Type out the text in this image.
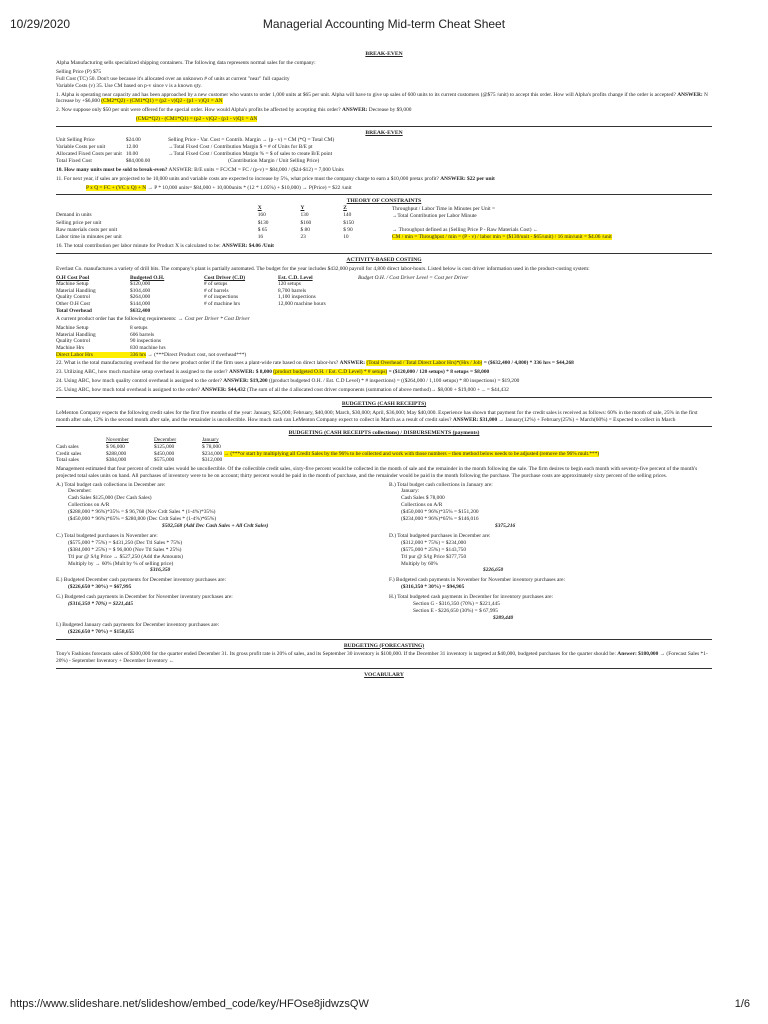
10/29/2020	Managerial Accounting Mid-term Cheat Sheet
BREAK-EVEN
Alpha Manufacturing sells specialized shipping containers. The following data represents normal sales for the company:
Selling Price (P) $75
Full Cost (TC) 50. Don't use because it's allocated over an unknown # of units at current "near" full capacity
Variable Costs (v) 35. Use CM based on p-v since v is a known qty.
1. Alpha is operating near capacity and has been approached by a new customer who wants to order 1,000 units at $65 per unit. Alpha will have to give up sales of 600 units to its current customers (@$75 /unit) to accept this order. How will Alpha's profits change if the order is accepted? ANSWER: N Increase by +$6,800 (CM2*Q2) - (CM1*Q1) = (p2 - v)Q2 - (p1 - v)Q1 = ΔN
2. Now suppose only $50 per unit were offered for the special order. How would Alpha's profits be affected by accepting this order? ANSWER: Decrease by $9,000
(CM2*Q2) - (CM1*Q1) = (p2 - v)Q2 - (p1 - v)Q1 = ΔN
BREAK-EVEN
Unit Selling Price	$24.00
Variable Costs per unit	12.00
Allocated Fixed Costs per unit	10.00
Total Fixed Cost	$84,000.00
Selling Price - Var. Cost = Contrib. Margin → (p - v) = CM (*Q = Total CM)
→Total Fixed Cost / Contribution Margin $ = # of Units for B/E pt
→Total Fixed Cost / Contribution Margin % = $ of sales to create B/E point
(Contribution Margin / Unit Selling Price)
10. How many units must be sold to break-even? ANSWER: B/E units = FC/CM = FC / (p-v) = $84,000 / ($24-$12) = 7,000 Units
11. For next year, if sales are projected to be 10,000 units and variable costs are expected to increase by 5%, what price must the company charge to earn a $10,000 pretax profit? ANSWER: $22 per unit
P x Q = FC + (VC x Q) + N → P * 10,000 units= $84,000 + 10,000units * (12 * 1.05%) + $10,000) → P(Price) = $22 /unit
THEORY OF CONSTRAINTS
	X	Y	Z
Demand in units	160	130	140
Selling price per unit	$130	$160	$150
Raw materials costs per unit	$ 65	$ 80	$ 90
Labor time in minutes per unit	16	23	10
Throughput / Labor Time in Minutes per Unit =
→Total Contribution per Labor Minute
→ Throughput defined as (Selling Price P - Raw Materials Cost) ←
CM / min = Throughput / min = (P - v) / labor min = ($130/unit - $65/unit) / 16 min/unit = $4.06 /unit
16. The total contribution per labor minute for Product X is calculated to be: ANSWER: $4.06 /Unit
ACTIVITY-BASED COSTING
Everlast Co. manufactures a variety of drill bits. The company's plant is partially automated. The budget for the year includes $432,000 payroll for 4,800 direct labor-hours. Listed below is cost driver information used in the product-costing system:
O.H Cost Pool	Budgeted O.H.	Cost Driver (C.D)	Est. C.D. Level
Machine Setup	$120,000	# of setups	120 setups
Material Handling	$104,400	# of barrels	8,700 barrels
Quality Control	$264,000	# of inspections	1,100 inspections
Other O.H Cost	$144,000	# of machine hrs	12,000 machine hours
Total Overhead	$632,400		
Budget O.H. / Cost Driver Level = Cost per Driver
A current product order has the following requirements: → Cost per Driver * Cost Driver
Machine Setup	8 setups
Material Handling	606 barrels
Quality Control	90 inspections
Machine Hrs	830 machine hrs
Direct Labor Hrs	336 hrs → (***Direct Product cost, not overhead***)
22. What is the total manufacturing overhead for the new product order if the firm uses a plant-wide rate based on direct labor-hrs? ANSWER: (Total Overhead / Total Direct Labor Hrs)*(Hrs / Job) = ($632,400 / 4,800) * 336 hrs = $44,268
23. Utilizing ABC, how much machine setup overhead is assigned to the order? ANSWER: $ 8,000 (product budgeted O.H. / Est. C.D Level) * # setups) = ($120,000 / 120 setups) * 8 setups = $8,000
24. Using ABC, how much quality control overhead is assigned to the order? ANSWER: $19,200 ((product budgeted O.H. / Est. C.D Level) * # inspections) = (($264,000 / 1,100 setups) * 80 inspections) = $19,200
25. Using ABC, how much total overhead is assigned to the order? ANSWER: $44,432 (The sum of all the 4 allocated cost driver components (summation of above method)→ $8,000 + $19,000 + ... = $44,432
BUDGETING (CASH RECEIPTS)
LeMenton Company expects the following credit sales for the first five months of the year: January, $25,000; February, $40,000; March, $30,000; April, $36,000; May $40,000. Experience has shown that payment for the credit sales is received as follows: 60% in the month of sale, 25% in the first month after sale, 12% in the second month after sale, and the remainder is uncollectible. How much cash can LeMenton Company expect to collect in March as a result of credit sales? ANSWER: $31,000 → January(12%) + February(25%) + March(60%) = Expected to collect in March
BUDGETING (CASH RECEIPTS collections) / DISBURSEMENTS (payments)
	November	December	January
Cash sales	$ 96,000	$125,000	$ 78,000
Credit sales	$288,000	$450,000	$234,000 → (***or start by multiplying all Credit Sales by the 96% to be collected and work with those numbers – then method below needs to be adjusted (remove the 96% mult.***)
Total sales	$384,000	$575,000	$312,000
Management estimated that four percent of credit sales would be uncollectible. Of the collectible credit sales, sixty-five percent would be collected in the month of sale and the remainder in the month following the sale. The firm desires to begin each month with seventy-five percent of the month's projected total sales units on hand. All purchases of inventory were to be on account; thirty percent would be paid in the month of purchase, and the remainder would be paid in the month following the purchase. The purchase costs are approximately sixty percent of the selling prices.
A.) Total budget cash collections in December are:
December:
Cash Sales $125,000 (Dec Cash Sales)
Collections on A/R
($288,000 * 96%)*35% = $ 96,768 (Nov Crdt Sales * (1-4%)*35%)
($450,000 * 96%)*65% = $280,800 (Dec Crdt Sales * (1-4%)*65%)
$502,568 (Add Dec Cash Sales + All Crdt Sales)
B.) Total budget cash collections in January are:
January:
Cash Sales $ 78,000
Collections on A/R
($450,000 * 96%)*35% = $151,200
($234,000 * 96%)*65% = $146,016
$375,216
C.) Total budgeted purchases in November are:
($575,000 * 75%) = $431,250 (Dec Ttl Sales * 75%)
($384,000 * 25%) = $ 96,000 (Nov Ttl Sales * 25%)
Ttl pur @ S/lg Price → $527,250 (Add the Amounts)
Multiply by → 60% (Mult by % of selling price)
$316,350
D.) Total budgeted purchases in December are:
($312,000 * 75%) = $234,000
($575,000 * 25%) = $143,750
Ttl pur @ S/lg Price $377,750
Multiply by 60%
$226,650
E.) Budgeted December cash payments for December inventory purchases are:
($226,650 * 30%) = $67,995
F.) Budgeted cash payments in November for November inventory purchases are:
($316,350 * 30%) = $94,905
G.) Budgeted cash payments in December for November inventory purchases are:
($316,350 * 70%) = $221,445
H.) Total budgeted cash payments in December for inventory purchases are:
Section G - $316,350 (70%) = $221,445
Section E - $226,650 (30%) = $ 67,995
$289,440
I.) Budgeted January cash payments for December inventory purchases are:
($226,650 * 70%) = $158,655
BUDGETING (FORECASTING)
Tony's Fashions forecasts sales of $300,000 for the quarter ended December 31. Its gross profit rate is 20% of sales, and its September 30 inventory is $100,000. If the December 31 inventory is targeted at $40,000, budgeted purchases for the quarter should be: Answer: $180,000 → (Forecast Sales *1- 20%) - September Inventory + December Inventory ←
VOCABULARY
https://www.slideshare.net/slideshow/embed_code/key/HFOse8jidwzsQW	1/6
